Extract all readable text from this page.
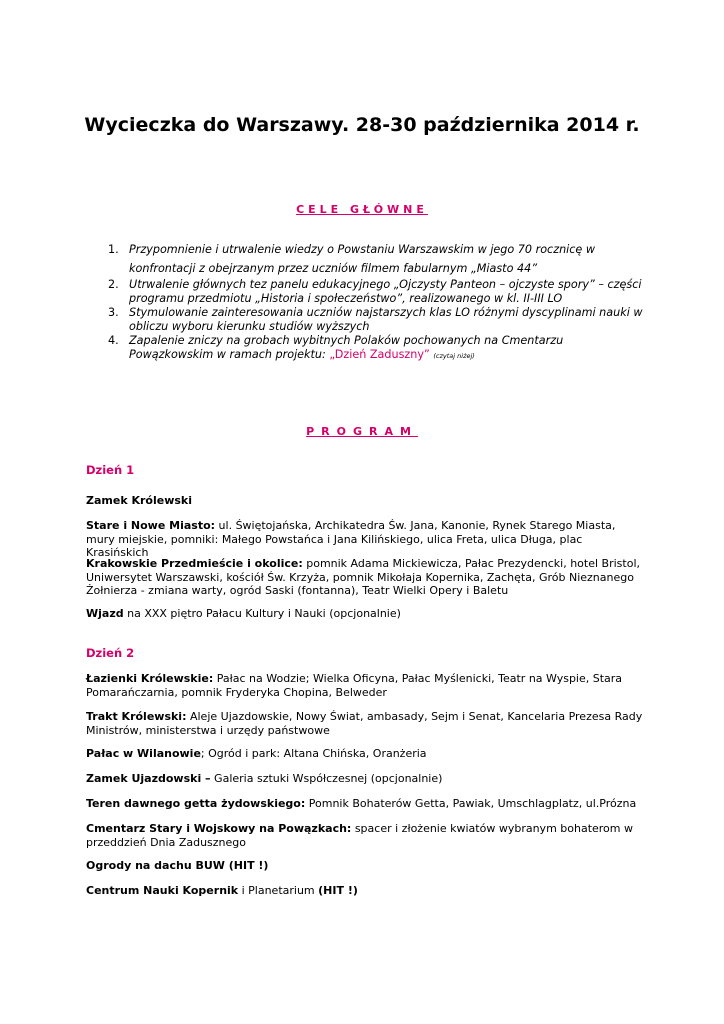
Wycieczka do Warszawy. 28-30 października 2014 r.

CELE GŁÓWNE

1. Przypomnienie i utrwalenie wiedzy o Powstaniu Warszawskim w jego 70 rocznicę w konfrontacji z obejrzanym przez uczniów filmem fabularnym „Miasto 44”
2. Utrwalenie głównych tez panelu edukacyjnego „Ojczysty Panteon – ojczyste spory” – części programu przedmiotu „Historia i społeczeństwo”, realizowanego w kl. II-III LO
3. Stymulowanie zainteresowania uczniów najstarszych klas LO różnymi dyscyplinami nauki w obliczu wyboru kierunku studiów wyższych
4. Zapalenie zniczy na grobach wybitnych Polaków pochowanych na Cmentarzu Powązkowskim w ramach projektu: „Dzień Zaduszny” (czytaj niżej)

PROGRAM

Dzień 1

Zamek Królewski

Stare i Nowe Miasto: ul. Świętojańska, Archikatedra Św. Jana, Kanonie, Rynek Starego Miasta, mury miejskie, pomniki: Małego Powstańca i Jana Kilińskiego, ulica Freta, ulica Długa, plac Krasińskich

Krakowskie Przedmieście i okolice: pomnik Adama Mickiewicza, Pałac Prezydencki, hotel Bristol, Uniwersytet Warszawski, kościół Św. Krzyża, pomnik Mikołaja Kopernika, Zachęta, Grób Nieznanego Żołnierza - zmiana warty, ogród Saski (fontanna), Teatr Wielki Opery i Baletu

Wjazd na XXX piętro Pałacu Kultury i Nauki (opcjonalnie)

Dzień 2

Łazienki Królewskie: Pałac na Wodzie; Wielka Oficyna, Pałac Myślenicki, Teatr na Wyspie, Stara Pomarańczarnia, pomnik Fryderyka Chopina, Belweder

Trakt Królewski: Aleje Ujazdowskie, Nowy Świat, ambasady, Sejm i Senat, Kancelaria Prezesa Rady Ministrów, ministerstwa i urzędy państwowe

Pałac w Wilanowie; Ogród i park: Altana Chińska, Oranżeria

Zamek Ujazdowski – Galeria sztuki Współczesnej (opcjonalnie)

Teren dawnego getta żydowskiego: Pomnik Bohaterów Getta, Pawiak, Umschlagplatz, ul.Prózna

Cmentarz Stary i Wojskowy na Powązkach: spacer i złożenie kwiatów wybranym bohaterom w przeddzień Dnia Zadusznego

Ogrody na dachu BUW (HIT !)

Centrum Nauki Kopernik i Planetarium (HIT !)
